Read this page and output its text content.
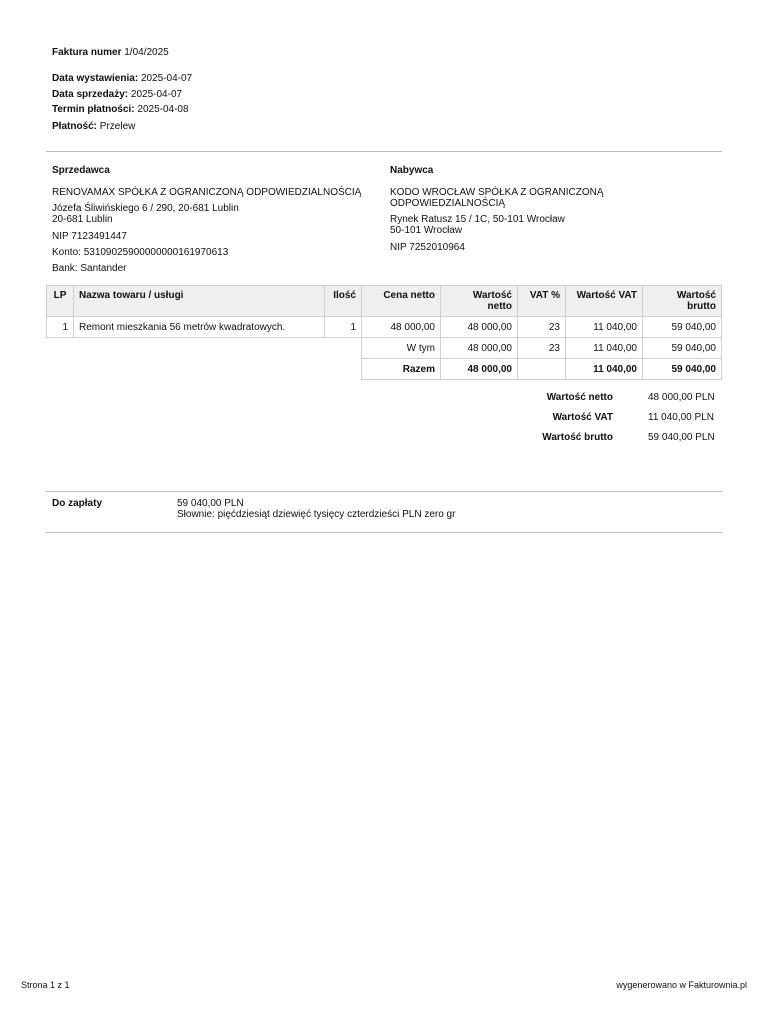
Faktura numer 1/04/2025
Data wystawienia: 2025-04-07
Data sprzedaży: 2025-04-07
Termin płatności: 2025-04-08
Płatność: Przelew
Sprzedawca
RENOVAMAX SPÓŁKA Z OGRANICZONĄ ODPOWIEDZIALNOŚCIĄ
Józefa Śliwińskiego 6 / 290, 20-681 Lublin
20-681 Lublin
NIP 7123491447
Konto: 53109025900000000161970613
Bank: Santander
Nabywca
KODO WROCŁAW SPÓŁKA Z OGRANICZONĄ ODPOWIEDZIALNOŚCIĄ
Rynek Ratusz 15 / 1C, 50-101 Wrocław
50-101 Wrocław
NIP 7252010964
LP	Nazwa towaru / usługi	Ilość	Cena netto	Wartość netto	VAT %	Wartość VAT	Wartość
brutto

1	Remont mieszkania 56 metrów kwadratowych.	1	48 000,00	48 000,00	23	11 040,00	59 040,00
			W tym	48 000,00	23	11 040,00	59 040,00
			Razem	48 000,00		11 040,00	59 040,00
Wartość netto	48 000,00 PLN
Wartość VAT	11 040,00 PLN
Wartość brutto	59 040,00 PLN
Do zapłaty	59 040,00 PLN
Słownie: pięćdziesiąt dziewięć tysięcy czterdzieści PLN zero gr
Strona 1 z 1	wygenerowano w Fakturownia.pl
